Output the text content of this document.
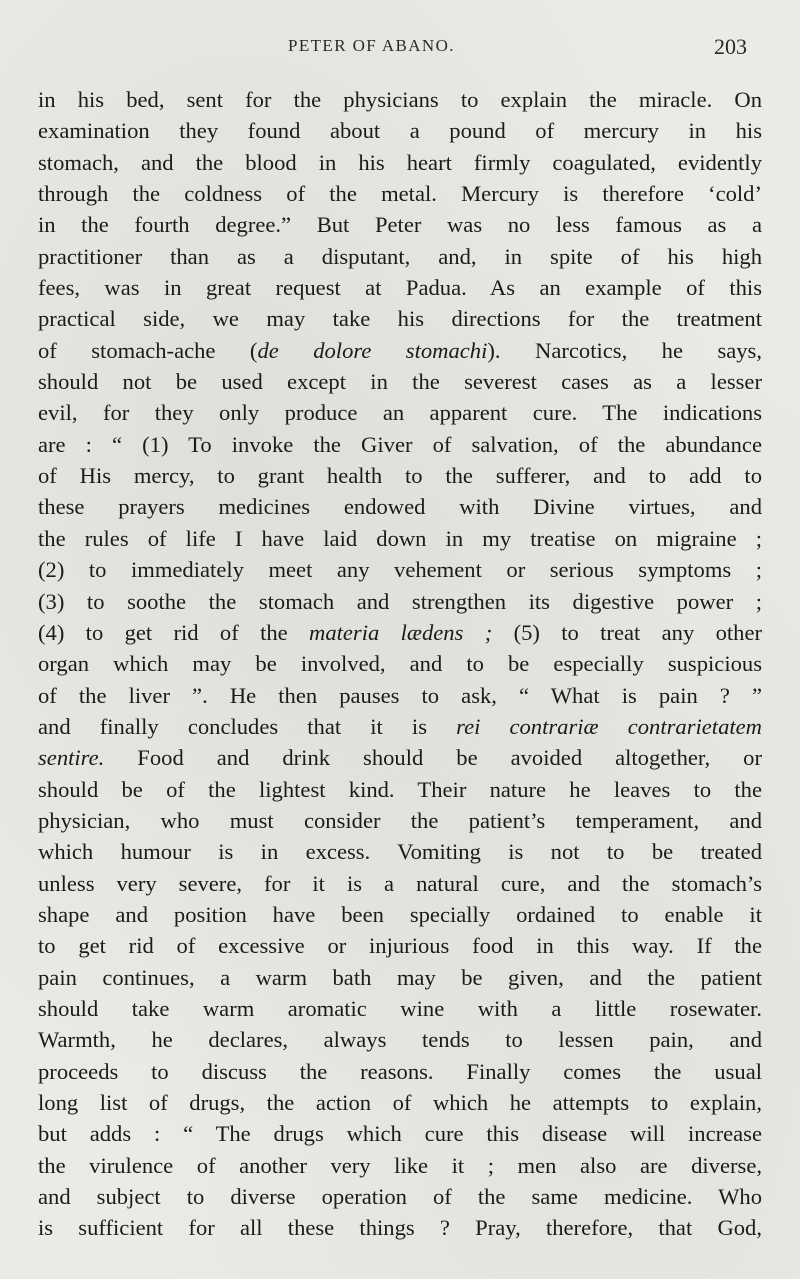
PETER OF ABANO.	203
in his bed, sent for the physicians to explain the miracle. On
examination they found about a pound of mercury in his
stomach, and the blood in his heart firmly coagulated, evidently
through the coldness of the metal. Mercury is therefore ‘cold’
in the fourth degree.” But Peter was no less famous as a
practitioner than as a disputant, and, in spite of his high
fees, was in great request at Padua. As an example of this
practical side, we may take his directions for the treatment
of stomach-ache (de dolore stomachi). Narcotics, he says,
should not be used except in the severest cases as a lesser
evil, for they only produce an apparent cure. The indications
are : “ (1) To invoke the Giver of salvation, of the abundance
of His mercy, to grant health to the sufferer, and to add to
these prayers medicines endowed with Divine virtues, and
the rules of life I have laid down in my treatise on migraine ;
(2) to immediately meet any vehement or serious symptoms ;
(3) to soothe the stomach and strengthen its digestive power ;
(4) to get rid of the materia lædens ; (5) to treat any other
organ which may be involved, and to be especially suspicious
of the liver ”. He then pauses to ask, “ What is pain ? ”
and finally concludes that it is rei contrariæ contrarietatem
sentire. Food and drink should be avoided altogether, or
should be of the lightest kind. Their nature he leaves to the
physician, who must consider the patient’s temperament, and
which humour is in excess. Vomiting is not to be treated
unless very severe, for it is a natural cure, and the stomach’s
shape and position have been specially ordained to enable it
to get rid of excessive or injurious food in this way. If the
pain continues, a warm bath may be given, and the patient
should take warm aromatic wine with a little rosewater.
Warmth, he declares, always tends to lessen pain, and
proceeds to discuss the reasons. Finally comes the usual
long list of drugs, the action of which he attempts to explain,
but adds : “ The drugs which cure this disease will increase
the virulence of another very like it ; men also are diverse,
and subject to diverse operation of the same medicine. Who
is sufficient for all these things ? Pray, therefore, that God,
